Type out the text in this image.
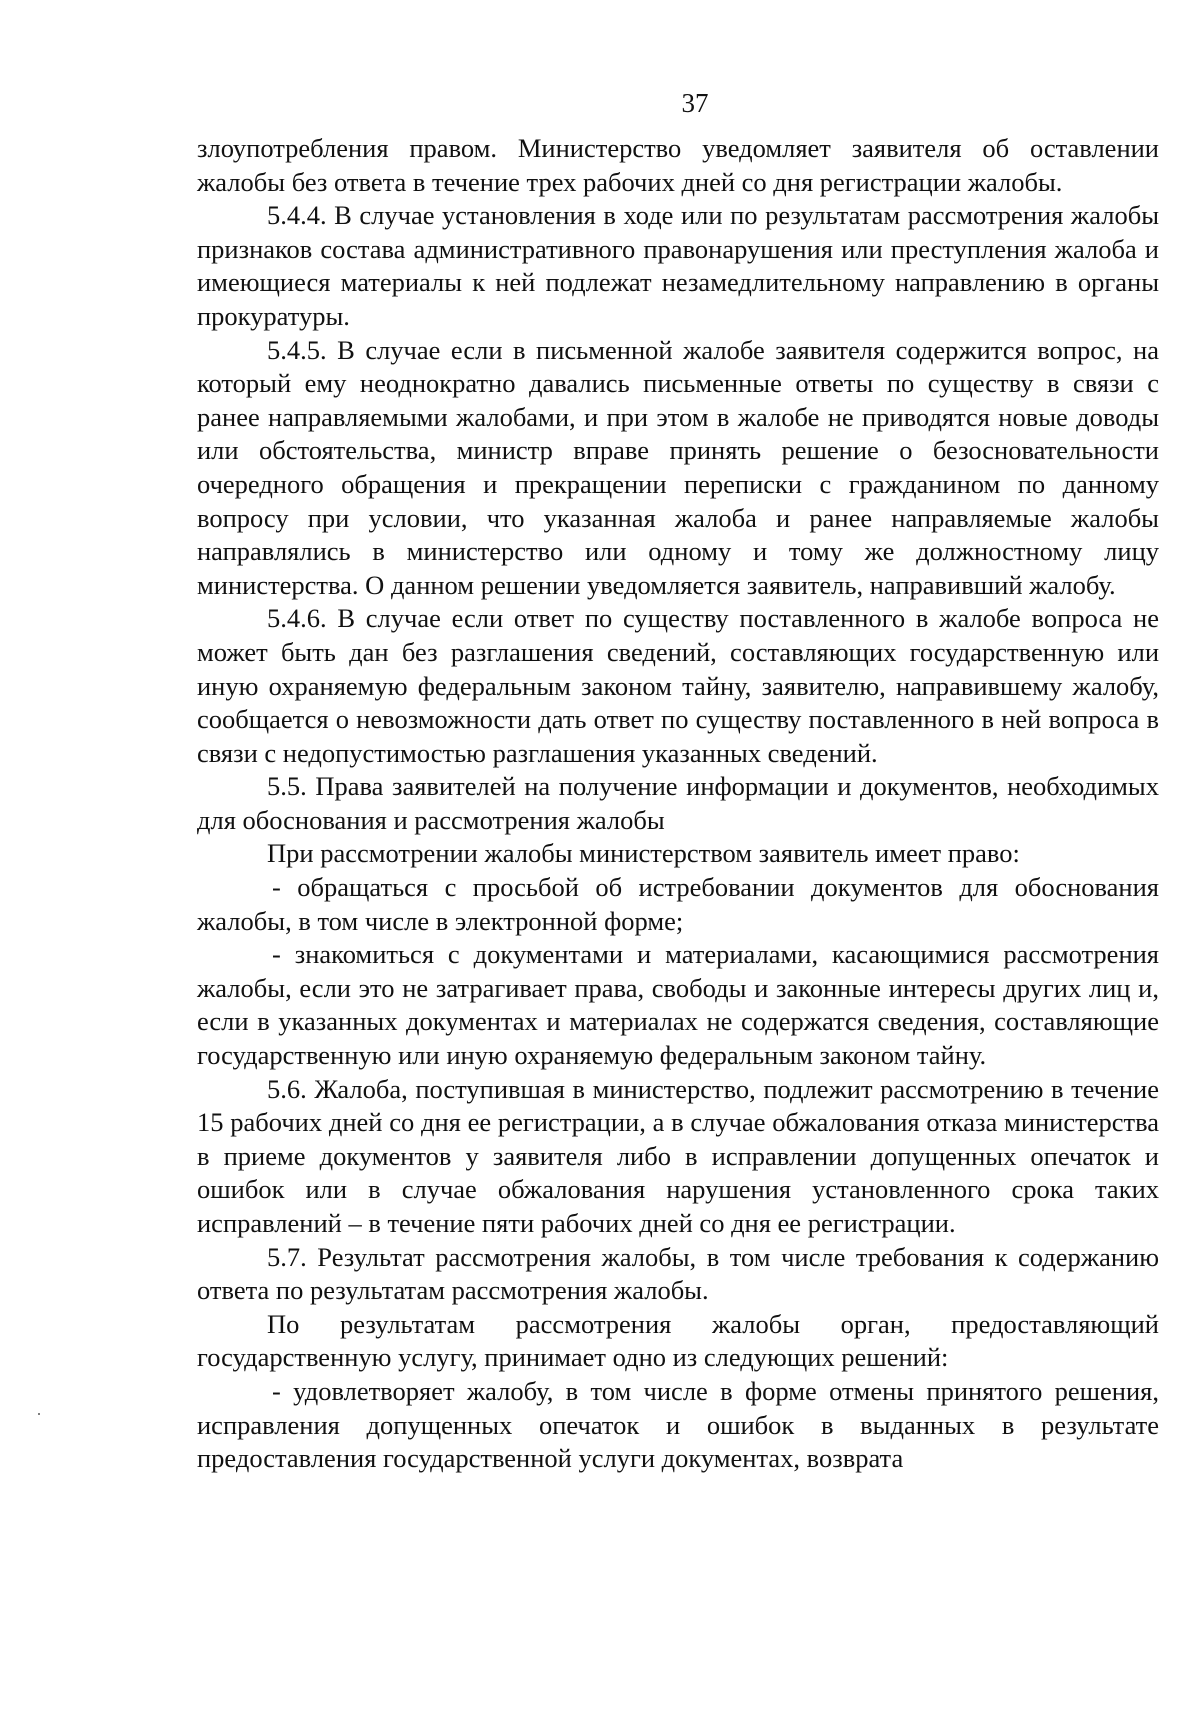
37

злоупотребления правом. Министерство уведомляет заявителя об оставлении жалобы без ответа в течение трех рабочих дней со дня регистрации жалобы.

5.4.4. В случае установления в ходе или по результатам рассмотрения жалобы признаков состава административного правонарушения или преступления жалоба и имеющиеся материалы к ней подлежат незамедлительному направлению в органы прокуратуры.

5.4.5. В случае если в письменной жалобе заявителя содержится вопрос, на который ему неоднократно давались письменные ответы по существу в связи с ранее направляемыми жалобами, и при этом в жалобе не приводятся новые доводы или обстоятельства, министр вправе принять решение о безосновательности очередного обращения и прекращении переписки с гражданином по данному вопросу при условии, что указанная жалоба и ранее направляемые жалобы направлялись в министерство или одному и тому же должностному лицу министерства. О данном решении уведомляется заявитель, направивший жалобу.

5.4.6. В случае если ответ по существу поставленного в жалобе вопроса не может быть дан без разглашения сведений, составляющих государственную или иную охраняемую федеральным законом тайну, заявителю, направившему жалобу, сообщается о невозможности дать ответ по существу поставленного в ней вопроса в связи с недопустимостью разглашения указанных сведений.

5.5. Права заявителей на получение информации и документов, необходимых для обоснования и рассмотрения жалобы

При рассмотрении жалобы министерством заявитель имеет право:

- обращаться с просьбой об истребовании документов для обоснования жалобы, в том числе в электронной форме;

- знакомиться с документами и материалами, касающимися рассмотрения жалобы, если это не затрагивает права, свободы и законные интересы других лиц и, если в указанных документах и материалах не содержатся сведения, составляющие государственную или иную охраняемую федеральным законом тайну.

5.6. Жалоба, поступившая в министерство, подлежит рассмотрению в течение 15 рабочих дней со дня ее регистрации, а в случае обжалования отказа министерства в приеме документов у заявителя либо в исправлении допущенных опечаток и ошибок или в случае обжалования нарушения установленного срока таких исправлений – в течение пяти рабочих дней со дня ее регистрации.

5.7. Результат рассмотрения жалобы, в том числе требования к содержанию ответа по результатам рассмотрения жалобы.

По результатам рассмотрения жалобы орган, предоставляющий государственную услугу, принимает одно из следующих решений:

- удовлетворяет жалобу, в том числе в форме отмены принятого решения, исправления допущенных опечаток и ошибок в выданных в результате предоставления государственной услуги документах, возврата
